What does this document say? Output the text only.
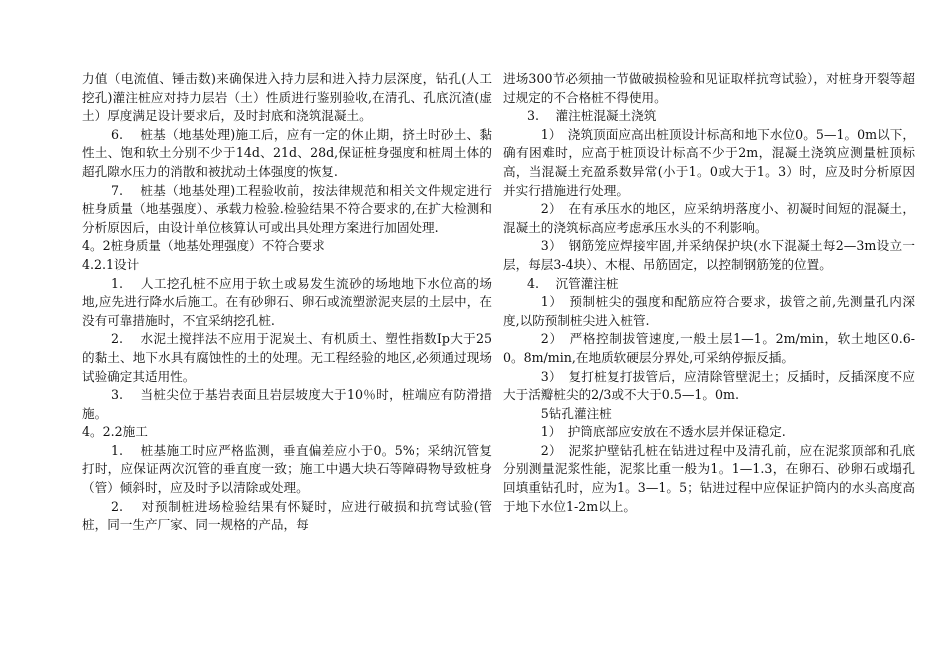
力值（电流值、锤击数)来确保进入持力层和进入持力层深度，钻孔(人工挖孔)灌注桩应对持力层岩（土）性质进行鉴别验收,在清孔、孔底沉渣(虚土）厚度满足设计要求后，及时封底和浇筑混凝土。

6.　 桩基（地基处理)施工后，应有一定的休止期，挤土时砂土、黏性土、饱和软土分别不少于14d、21d、28d,保证桩身强度和桩周土体的超孔隙水压力的消散和被扰动土体强度的恢复.

7.　 桩基（地基处理)工程验收前，按法律规范和相关文件规定进行桩身质量（地基强度）、承载力检验.检验结果不符合要求的,在扩大检测和分析原因后，由设计单位核算认可或出具处理方案进行加固处理.

4。2桩身质量（地基处理强度）不符合要求

4.2.1设计

1.　 人工挖孔桩不应用于软土或易发生流砂的场地地下水位高的场地,应先进行降水后施工。在有砂卵石、卵石或流塑淤泥夹层的土层中，在没有可靠措施时，不宜采纳挖孔桩.

2.　 水泥土搅拌法不应用于泥炭土、有机质土、塑性指数Ip大于25的黏土、地下水具有腐蚀性的土的处理。无工程经验的地区,必须通过现场试验确定其适用性。

3.　 当桩尖位于基岩表面且岩层坡度大于10％时，桩端应有防滑措施。

4。2.2施工

1.　 桩基施工时应严格监测，垂直偏差应小于0。5%；采纳沉管复打时，应保证两次沉管的垂直度一致；施工中遇大块石等障碍物导致桩身（管）倾斜时，应及时予以清除或处理。

2.　 对预制桩进场检验结果有怀疑时，应进行破损和抗弯试验(管桩，同一生产厂家、同一规格的产品，每

进场300节必须抽一节做破损检验和见证取样抗弯试验），对桩身开裂等超过规定的不合格桩不得使用。

3.　 灌注桩混凝土浇筑

1）　浇筑顶面应高出桩顶设计标高和地下水位0。5—1。0m以下，确有困难时，应高于桩顶设计标高不少于2m，混凝土浇筑应测量桩顶标高，当混凝土充盈系数异常(小于1。0或大于1。3）时，应及时分析原因并实行措施进行处理。

2）　在有承压水的地区，应采纳坍落度小、初凝时间短的混凝土，混凝土的浇筑标高应考虑承压水头的不利影响。

3）　钢筋笼应焊接牢固,并采纳保护块(水下混凝土每2—3m设立一层，每层3-4块）、木棍、吊筋固定，以控制钢筋笼的位置。

4.　 沉管灌注桩

1）　预制桩尖的强度和配筋应符合要求，拔管之前,先测量孔内深度,以防预制桩尖进入桩管.

2）　严格控制拔管速度,一般土层1—1。2m/min，软土地区0.6-0。8m/min,在地质软硬层分界处,可采纳停振反插。

3）　复打桩复打拔管后，应清除管壁泥土；反插时，反插深度不应大于活瓣桩尖的2/3或不大于0.5—1。0m.

5钻孔灌注桩

1）　护筒底部应安放在不透水层并保证稳定.

2）　泥浆护壁钻孔桩在钻进过程中及清孔前，应在泥浆顶部和孔底分别测量泥浆性能，泥浆比重一般为1。1—1.3，在卵石、砂卵石或塌孔回填重钻孔时，应为1。3—1。5；钻进过程中应保证护筒内的水头高度高于地下水位1-2m以上。
